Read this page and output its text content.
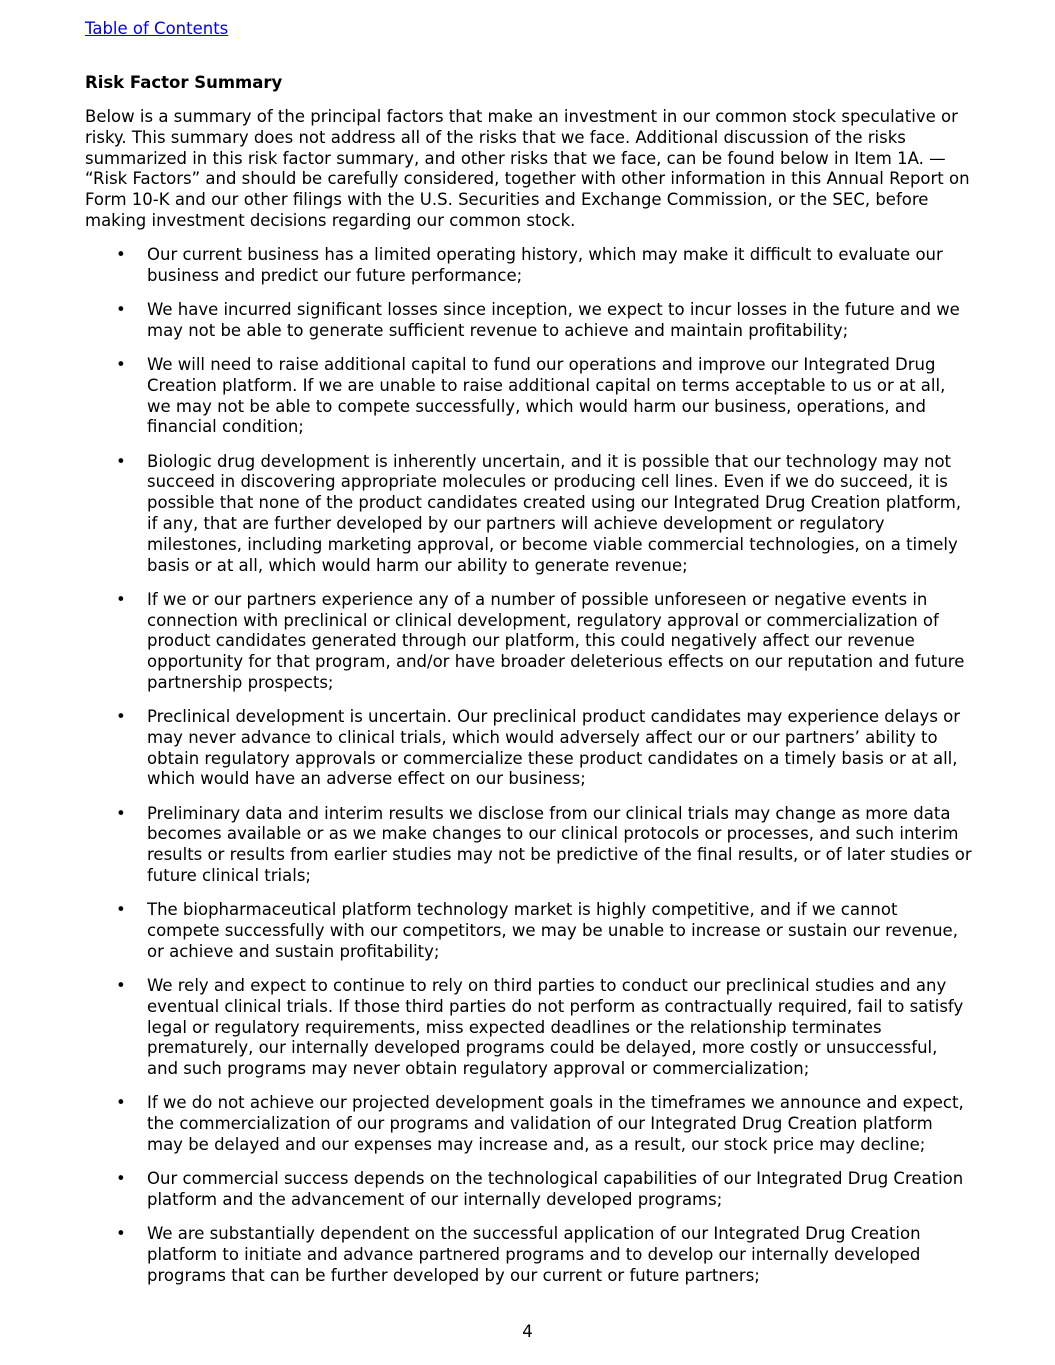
Table of Contents
Risk Factor Summary

Below is a summary of the principal factors that make an investment in our common stock speculative or risky. This summary does not address all of the risks that we face. Additional discussion of the risks summarized in this risk factor summary, and other risks that we face, can be found below in Item 1A. — “Risk Factors” and should be carefully considered, together with other information in this Annual Report on Form 10-K and our other filings with the U.S. Securities and Exchange Commission, or the SEC, before making investment decisions regarding our common stock.

• Our current business has a limited operating history, which may make it difficult to evaluate our business and predict our future performance;
• We have incurred significant losses since inception, we expect to incur losses in the future and we may not be able to generate sufficient revenue to achieve and maintain profitability;
• We will need to raise additional capital to fund our operations and improve our Integrated Drug Creation platform. If we are unable to raise additional capital on terms acceptable to us or at all, we may not be able to compete successfully, which would harm our business, operations, and financial condition;
• Biologic drug development is inherently uncertain, and it is possible that our technology may not succeed in discovering appropriate molecules or producing cell lines. Even if we do succeed, it is possible that none of the product candidates created using our Integrated Drug Creation platform, if any, that are further developed by our partners will achieve development or regulatory milestones, including marketing approval, or become viable commercial technologies, on a timely basis or at all, which would harm our ability to generate revenue;
• If we or our partners experience any of a number of possible unforeseen or negative events in connection with preclinical or clinical development, regulatory approval or commercialization of product candidates generated through our platform, this could negatively affect our revenue opportunity for that program, and/or have broader deleterious effects on our reputation and future partnership prospects;
• Preclinical development is uncertain. Our preclinical product candidates may experience delays or may never advance to clinical trials, which would adversely affect our or our partners’ ability to obtain regulatory approvals or commercialize these product candidates on a timely basis or at all, which would have an adverse effect on our business;
• Preliminary data and interim results we disclose from our clinical trials may change as more data becomes available or as we make changes to our clinical protocols or processes, and such interim results or results from earlier studies may not be predictive of the final results, or of later studies or future clinical trials;
• The biopharmaceutical platform technology market is highly competitive, and if we cannot compete successfully with our competitors, we may be unable to increase or sustain our revenue, or achieve and sustain profitability;
• We rely and expect to continue to rely on third parties to conduct our preclinical studies and any eventual clinical trials. If those third parties do not perform as contractually required, fail to satisfy legal or regulatory requirements, miss expected deadlines or the relationship terminates prematurely, our internally developed programs could be delayed, more costly or unsuccessful, and such programs may never obtain regulatory approval or commercialization;
• If we do not achieve our projected development goals in the timeframes we announce and expect, the commercialization of our programs and validation of our Integrated Drug Creation platform may be delayed and our expenses may increase and, as a result, our stock price may decline;
• Our commercial success depends on the technological capabilities of our Integrated Drug Creation platform and the advancement of our internally developed programs;
• We are substantially dependent on the successful application of our Integrated Drug Creation platform to initiate and advance partnered programs and to develop our internally developed programs that can be further developed by our current or future partners;
4
